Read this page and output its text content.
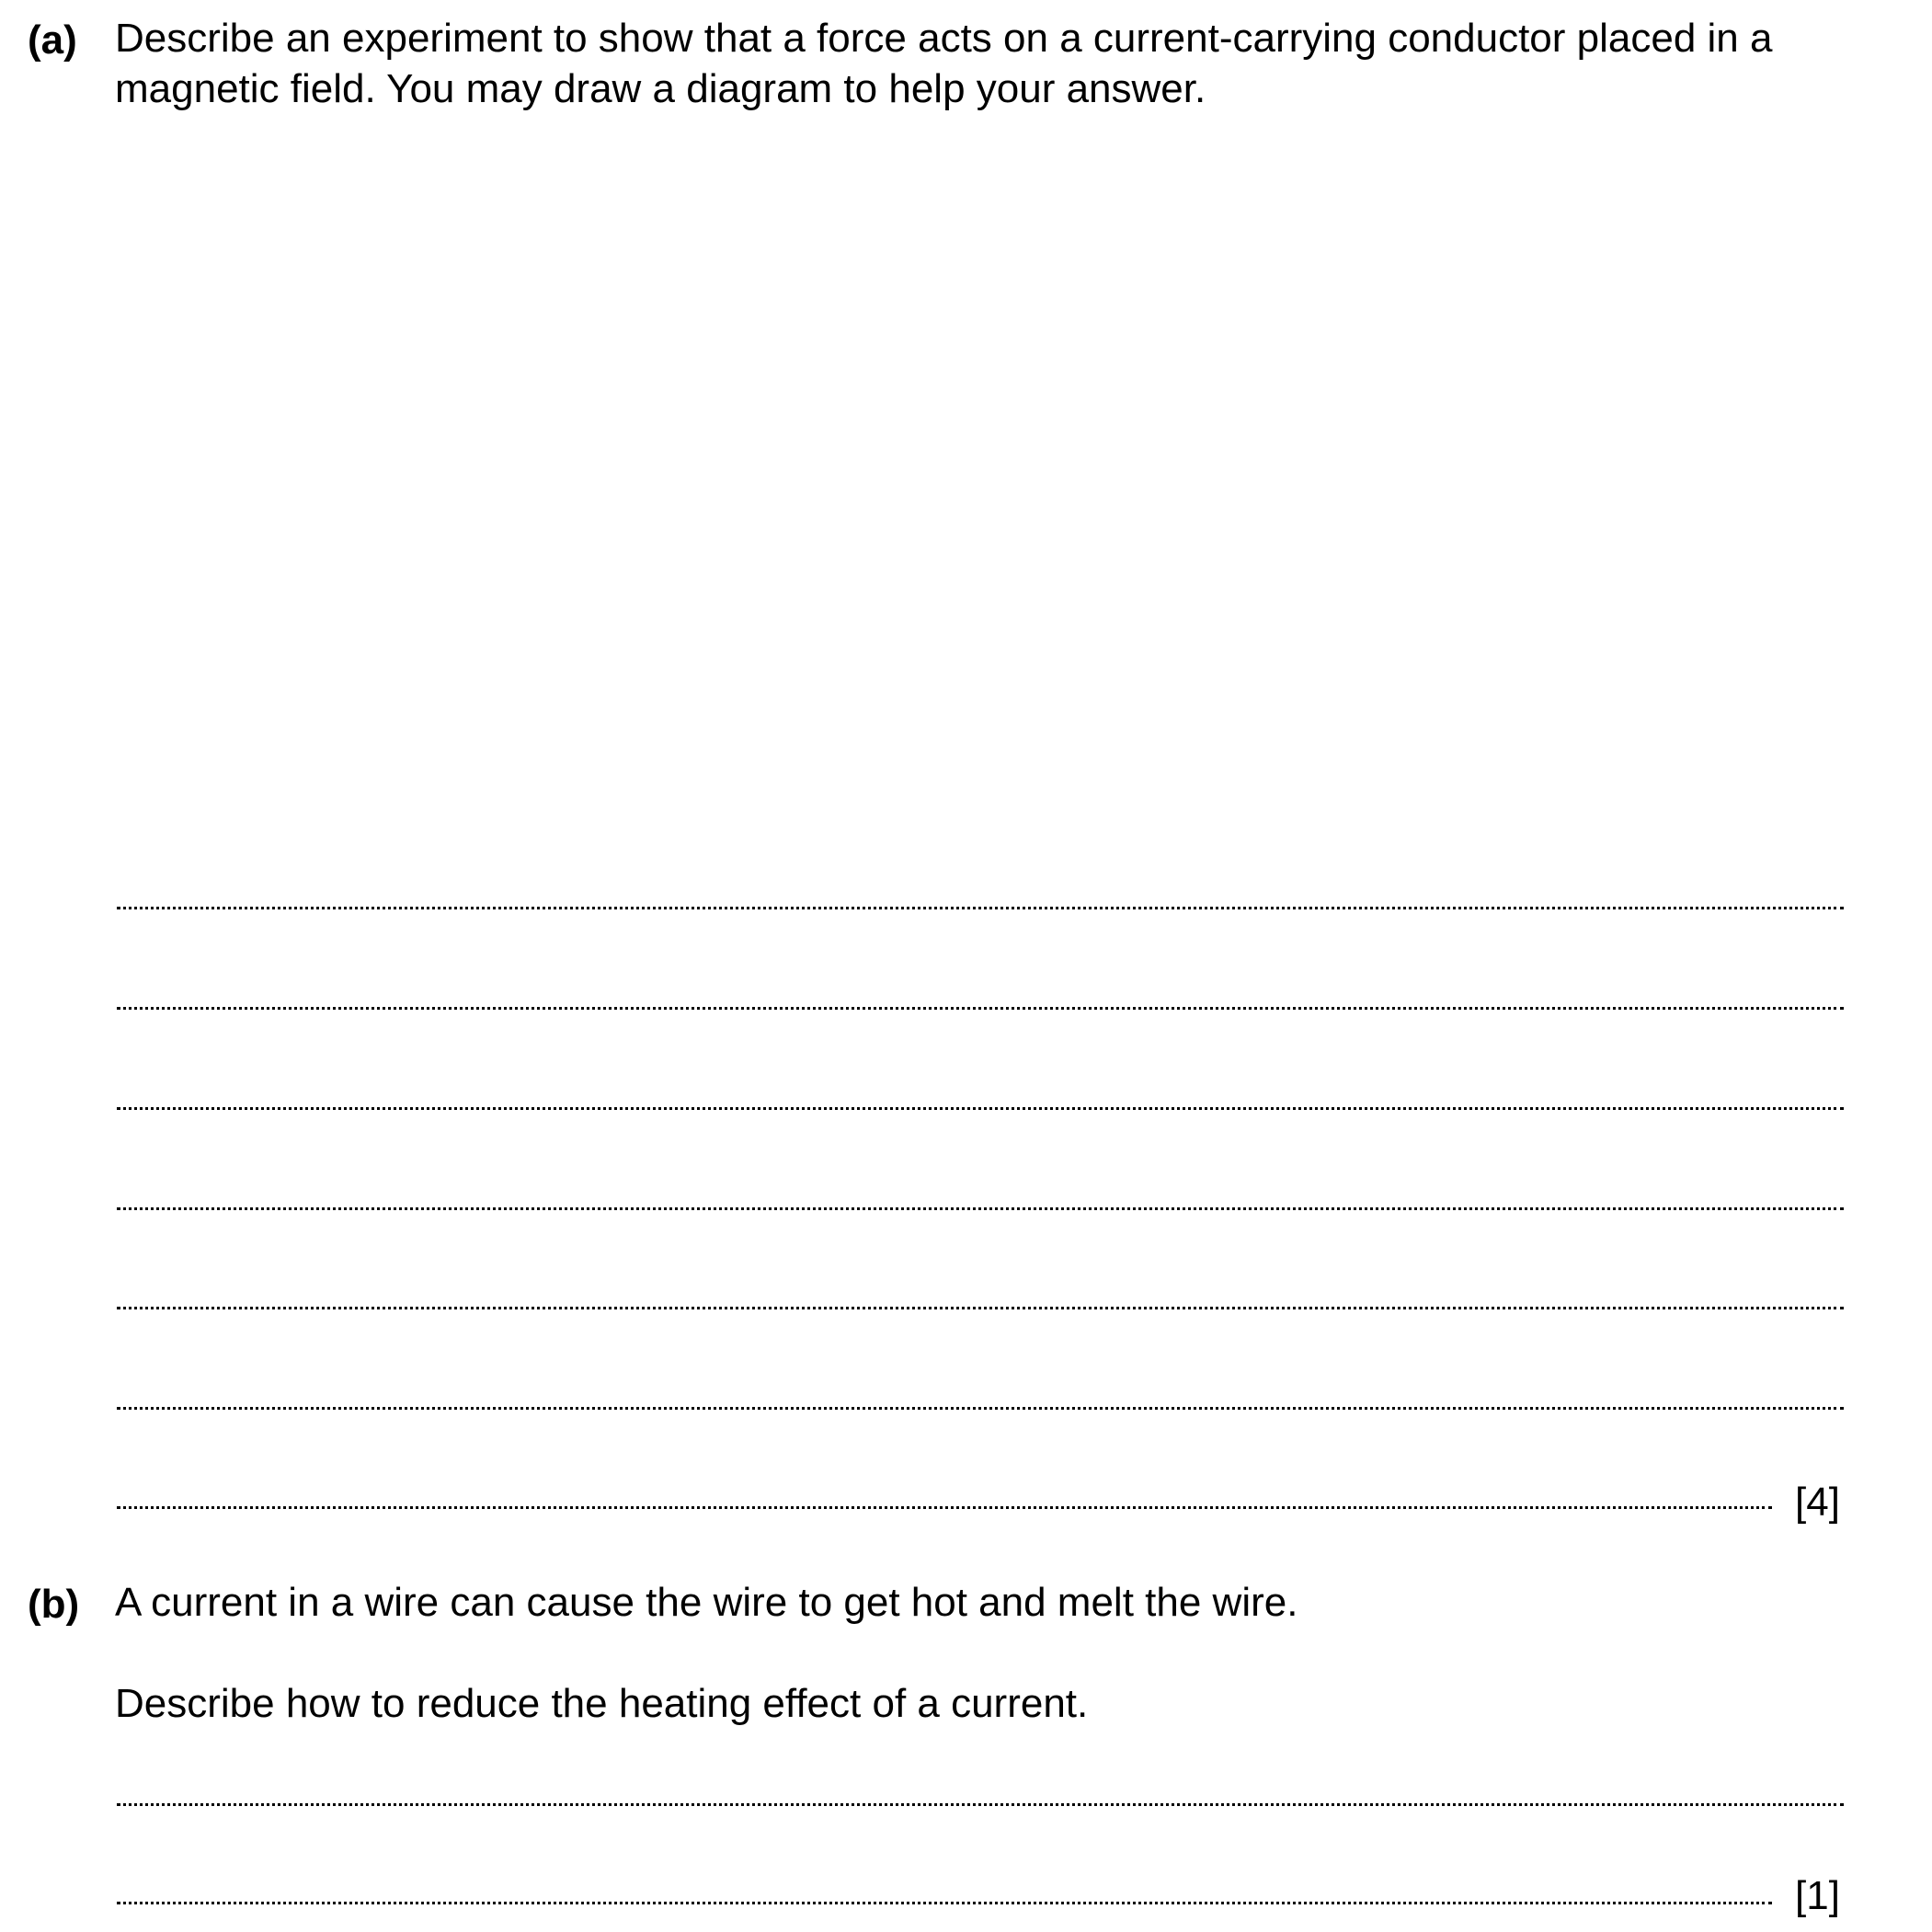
(a) Describe an experiment to show that a force acts on a current-carrying conductor placed in a
magnetic field. You may draw a diagram to help your answer.
[4]
(b) A current in a wire can cause the wire to get hot and melt the wire.
Describe how to reduce the heating effect of a current.
[1]
